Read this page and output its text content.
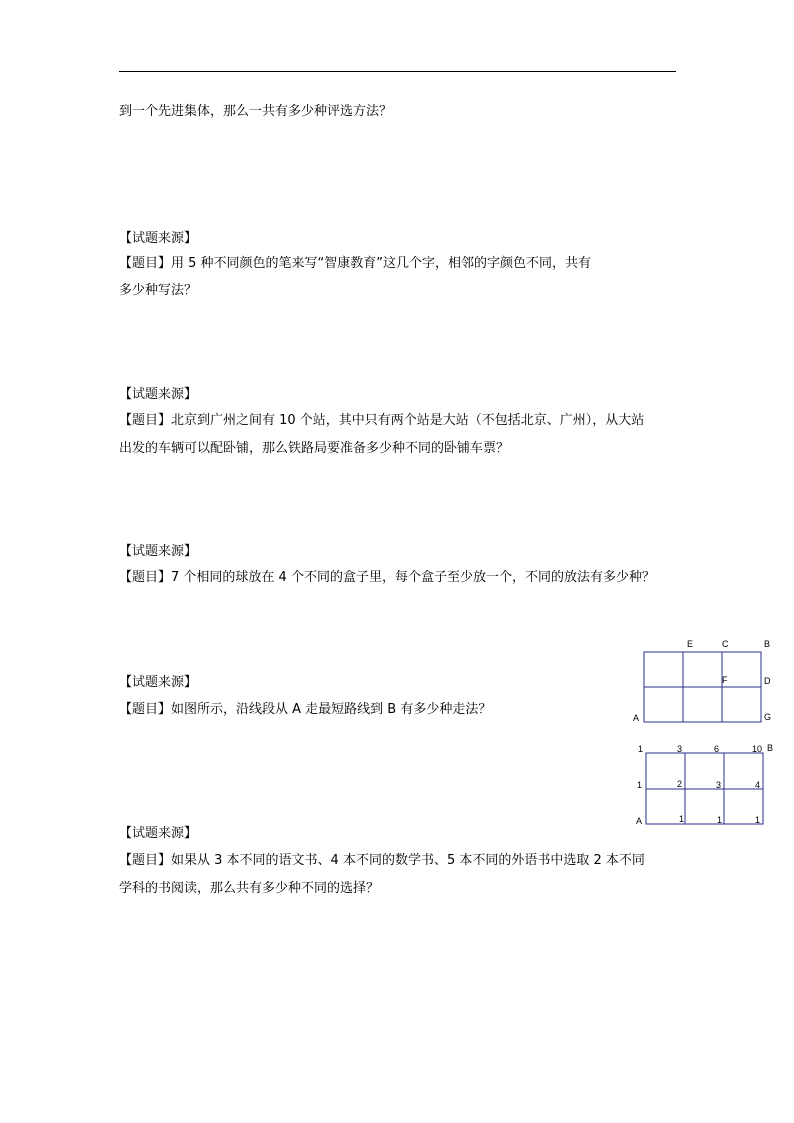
到一个先进集体，那么一共有多少种评选方法？
【试题来源】
【题目】用 5 种不同颜色的笔来写“智康教育”这几个字，相邻的字颜色不同，共有
多少种写法？
【试题来源】
【题目】北京到广州之间有 10 个站，其中只有两个站是大站（不包括北京、广州），从大站
出发的车辆可以配卧铺，那么铁路局要准备多少种不同的卧铺车票？
【试题来源】
【题目】7 个相同的球放在 4 个不同的盒子里，每个盒子至少放一个，不同的放法有多少种？
【试题来源】
【题目】如图所示，沿线段从 A 走最短路线到 B 有多少种走法？
【试题来源】
【题目】如果从 3 本不同的语文书、4 本不同的数学书、5 本不同的外语书中选取 2 本不同
学科的书阅读，那么共有多少种不同的选择？
E	C	B
F	D
A	G
1	3	6	10 B
1	2	3	4
A	1	1	1
